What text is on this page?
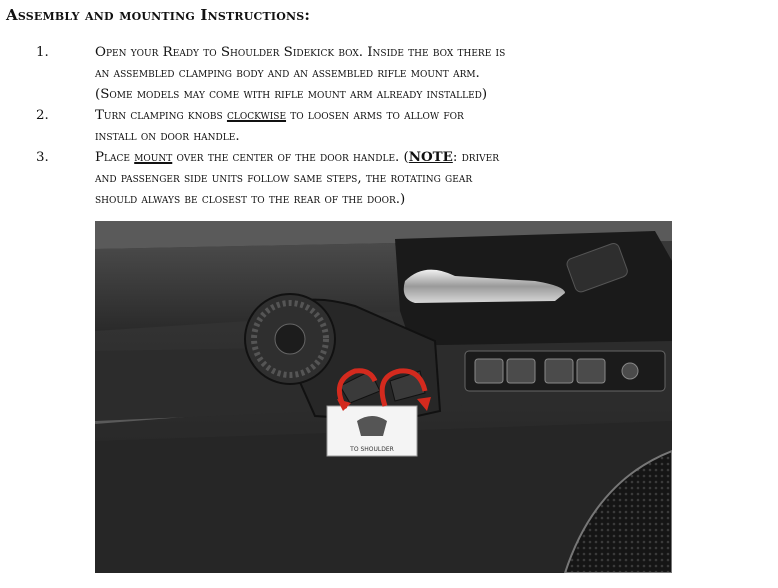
Assembly and mounting Instructions:
1.	Open your Ready to Shoulder Sidekick box. Inside the box there is
an assembled clamping body and an assembled rifle mount arm.
(Some models may come with rifle mount arm already installed)
2.	Turn clamping knobs clockwise to loosen arms to allow for
install on door handle.
3.	Place mount over the center of the door handle. (NOTE: driver
and passenger side units follow same steps, the rotating gear
should always be closest to the rear of the door.)
TO SHOULDER
